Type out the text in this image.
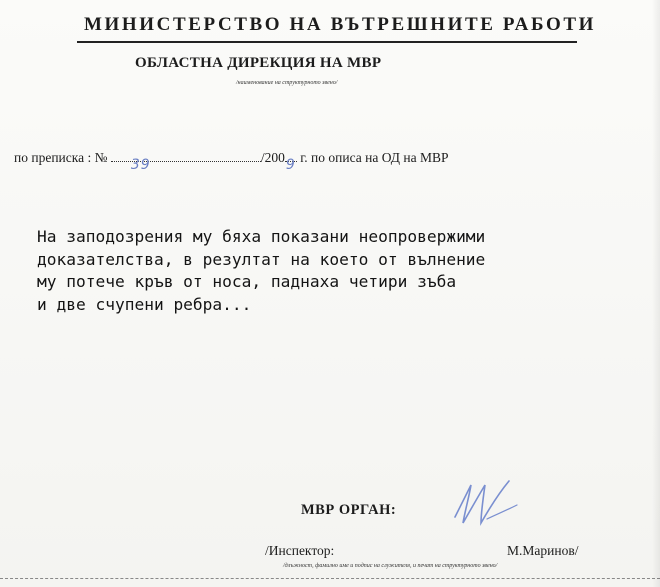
МИНИСТЕРСТВО НА ВЪТРЕШНИТЕ РАБОТИ
ОБЛАСТНА ДИРЕКЦИЯ НА МВР
/наименование на структурното звено/
по преписка : № 39	/200 9 г. по описа на ОД на МВР
На заподозрения му бяха показани неопровержими
доказателства, в резултат на което от вълнение
му потече кръв от носа, паднаха четири зъба
и две счупени ребра...
МВР ОРГАН:
/Инспектор:	М.Маринов/
/длъжност, фамилно име и подпис на служителя, и печат на структурното звено/
